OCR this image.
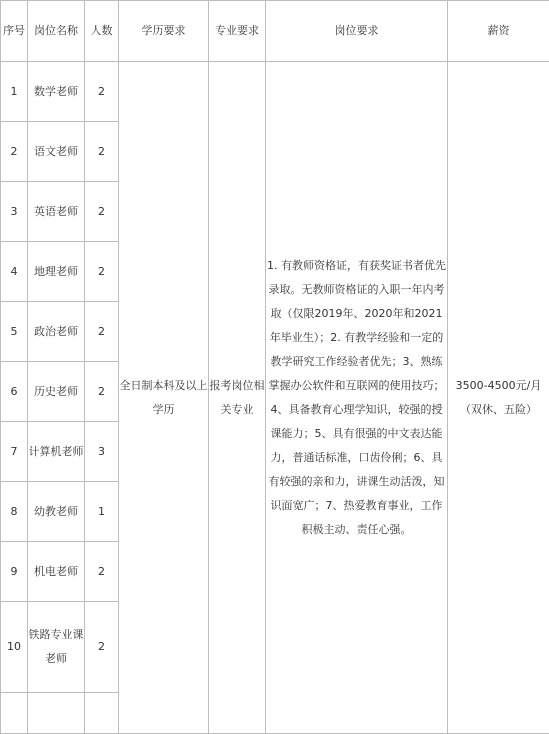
序号	岗位名称	人数	学历要求	专业要求	岗位要求	薪资
1	数学老师	2	全日制本科及以上学历	报考岗位相关专业	1. 有教师资格证，有获奖证书者优先录取。无教师资格证的入职一年内考取（仅限2019年、2020年和2021年毕业生）；2. 有教学经验和一定的教学研究工作经验者优先；3、熟练掌握办公软件和互联网的使用技巧；4、具备教育心理学知识，较强的授课能力；5、具有很强的中文表达能力，普通话标准，口齿伶俐；6、具有较强的亲和力，讲课生动活泼，知识面宽广；7、热爱教育事业，工作积极主动、责任心强。	3500-4500元/月（双休、五险）
2	语文老师	2				
3	英语老师	2				
4	地理老师	2				
5	政治老师	2				
6	历史老师	2				
7	计算机老师	3				
8	幼教老师	1				
9	机电老师	2				
10	铁路专业课老师	2				
